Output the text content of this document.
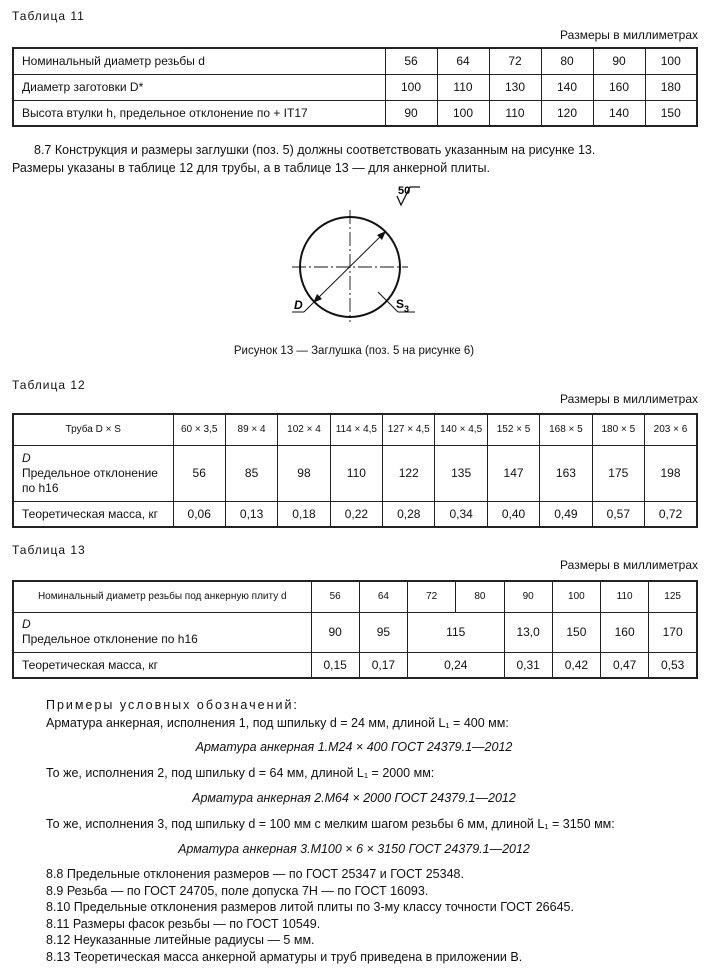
Таблица 11
Размеры в миллиметрах
Номинальный диаметр резьбы d	56	64	72	80	90	100
Диаметр заготовки D*	100	110	130	140	160	180
Высота втулки h, предельное отклонение по + IT17	90	100	110	120	140	150
8.7 Конструкция и размеры заглушки (поз. 5) должны соответствовать указанным на рисунке 13.
Размеры указаны в таблице 12 для трубы, а в таблице 13 — для анкерной плиты.
50
D	$S_3$
Рисунок 13 — Заглушка (поз. 5 на рисунке 6)
Таблица 12
Размеры в миллиметрах
Труба D × S	60 × 3,5	89 × 4	102 × 4	114 × 4,5	127 × 4,5	140 × 4,5	152 × 5	168 × 5	180 × 5	203 × 6

D
Предельное отклонение
по h16	56	85	98	110	122	135	147	163	175	198
Теоретическая масса, кг	0,06	0,13	0,18	0,22	0,28	0,34	0,40	0,49	0,57	0,72
Таблица 13
Размеры в миллиметрах
Номинальный диаметр резьбы под анкерную плиту d	56	64	72	80	90	100	110	125

D
Предельное отклонение по h16	90	95	115		13,0	150	160	170
Теоретическая масса, кг	0,15	0,17	0,24		0,31	0,42	0,47	0,53
Примеры условных обозначений:
Арматура анкерная, исполнения 1, под шпильку d = 24 мм, длиной L₁ = 400 мм:
Арматура анкерная 1.М24 × 400 ГОСТ 24379.1—2012
То же, исполнения 2, под шпильку d = 64 мм, длиной L₁ = 2000 мм:
Арматура анкерная 2.М64 × 2000 ГОСТ 24379.1—2012
То же, исполнения 3, под шпильку d = 100 мм с мелким шагом резьбы 6 мм, длиной L₁ = 3150 мм:
Арматура анкерная 3.М100 × 6 × 3150 ГОСТ 24379.1—2012
8.8 Предельные отклонения размеров — по ГОСТ 25347 и ГОСТ 25348.
8.9 Резьба — по ГОСТ 24705, поле допуска 7Н — по ГОСТ 16093.
8.10 Предельные отклонения размеров литой плиты по 3-му классу точности ГОСТ 26645.
8.11 Размеры фасок резьбы — по ГОСТ 10549.
8.12 Неуказанные литейные радиусы — 5 мм.
8.13 Теоретическая масса анкерной арматуры и труб приведена в приложении В.
